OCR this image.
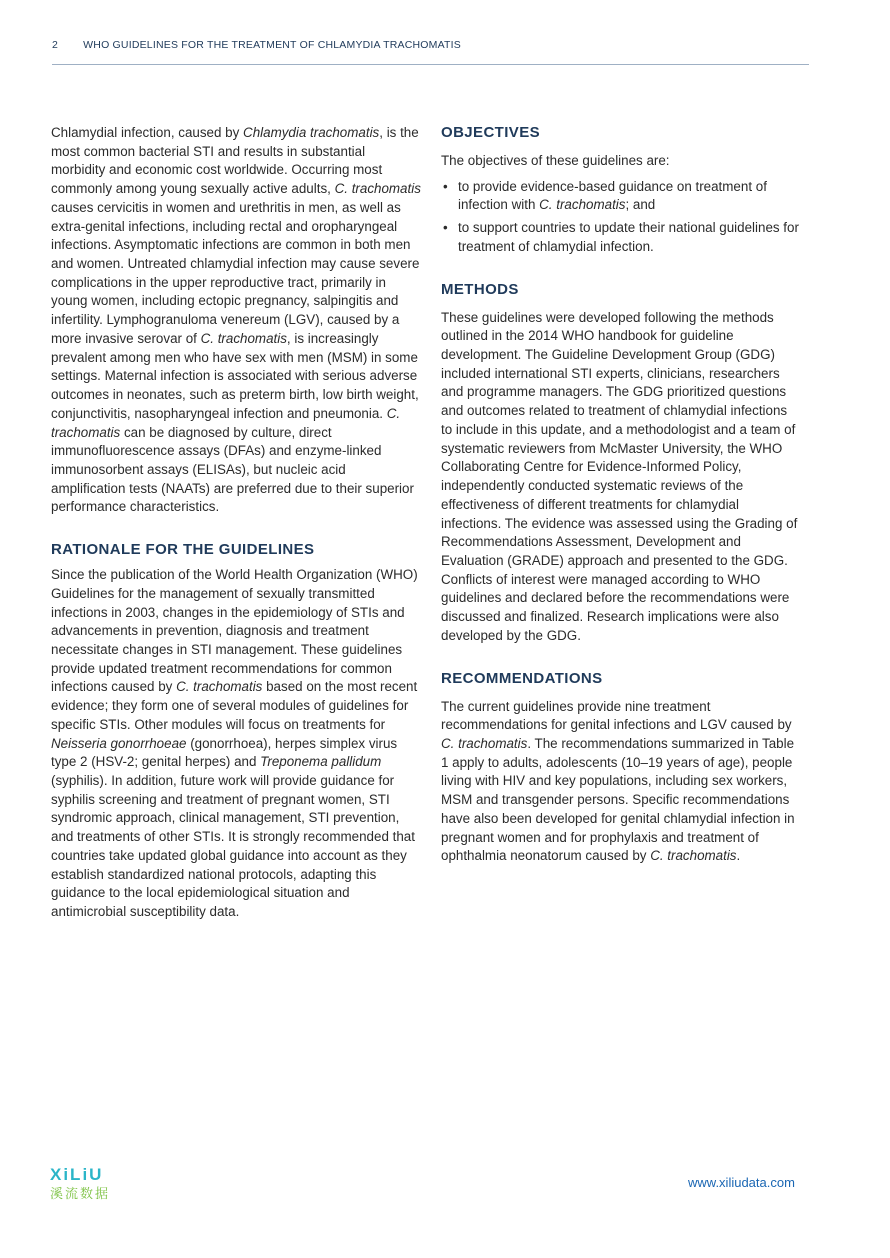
2 WHO GUIDELINES FOR THE TREATMENT OF CHLAMYDIA TRACHOMATIS

Chlamydial infection, caused by Chlamydia trachomatis, is the most common bacterial STI and results in substantial morbidity and economic cost worldwide. Occurring most commonly among young sexually active adults, C. trachomatis causes cervicitis in women and urethritis in men, as well as extra-genital infections, including rectal and oropharyngeal infections. Asymptomatic infections are common in both men and women. Untreated chlamydial infection may cause severe complications in the upper reproductive tract, primarily in young women, including ectopic pregnancy, salpingitis and infertility. Lymphogranuloma venereum (LGV), caused by a more invasive serovar of C. trachomatis, is increasingly prevalent among men who have sex with men (MSM) in some settings. Maternal infection is associated with serious adverse outcomes in neonates, such as preterm birth, low birth weight, conjunctivitis, nasopharyngeal infection and pneumonia. C. trachomatis can be diagnosed by culture, direct immunofluorescence assays (DFAs) and enzyme-linked immunosorbent assays (ELISAs), but nucleic acid amplification tests (NAATs) are preferred due to their superior performance characteristics.

RATIONALE FOR THE GUIDELINES

Since the publication of the World Health Organization (WHO) Guidelines for the management of sexually transmitted infections in 2003, changes in the epidemiology of STIs and advancements in prevention, diagnosis and treatment necessitate changes in STI management. These guidelines provide updated treatment recommendations for common infections caused by C. trachomatis based on the most recent evidence; they form one of several modules of guidelines for specific STIs. Other modules will focus on treatments for Neisseria gonorrhoeae (gonorrhoea), herpes simplex virus type 2 (HSV-2; genital herpes) and Treponema pallidum (syphilis). In addition, future work will provide guidance for syphilis screening and treatment of pregnant women, STI syndromic approach, clinical management, STI prevention, and treatments of other STIs. It is strongly recommended that countries take updated global guidance into account as they establish standardized national protocols, adapting this guidance to the local epidemiological situation and antimicrobial susceptibility data.

OBJECTIVES

The objectives of these guidelines are:

• to provide evidence-based guidance on treatment of infection with C. trachomatis; and
• to support countries to update their national guidelines for treatment of chlamydial infection.
METHODS

These guidelines were developed following the methods outlined in the 2014 WHO handbook for guideline development. The Guideline Development Group (GDG) included international STI experts, clinicians, researchers and programme managers. The GDG prioritized questions and outcomes related to treatment of chlamydial infections to include in this update, and a methodologist and a team of systematic reviewers from McMaster University, the WHO Collaborating Centre for Evidence-Informed Policy, independently conducted systematic reviews of the effectiveness of different treatments for chlamydial infections. The evidence was assessed using the Grading of Recommendations Assessment, Development and Evaluation (GRADE) approach and presented to the GDG. Conflicts of interest were managed according to WHO guidelines and declared before the recommendations were discussed and finalized. Research implications were also developed by the GDG.

RECOMMENDATIONS

The current guidelines provide nine treatment recommendations for genital infections and LGV caused by C. trachomatis. The recommendations summarized in Table 1 apply to adults, adolescents (10–19 years of age), people living with HIV and key populations, including sex workers, MSM and transgender persons. Specific recommendations have also been developed for genital chlamydial infection in pregnant women and for prophylaxis and treatment of ophthalmia neonatorum caused by C. trachomatis.

XiLiU
溪流数据
www.xiliudata.com
